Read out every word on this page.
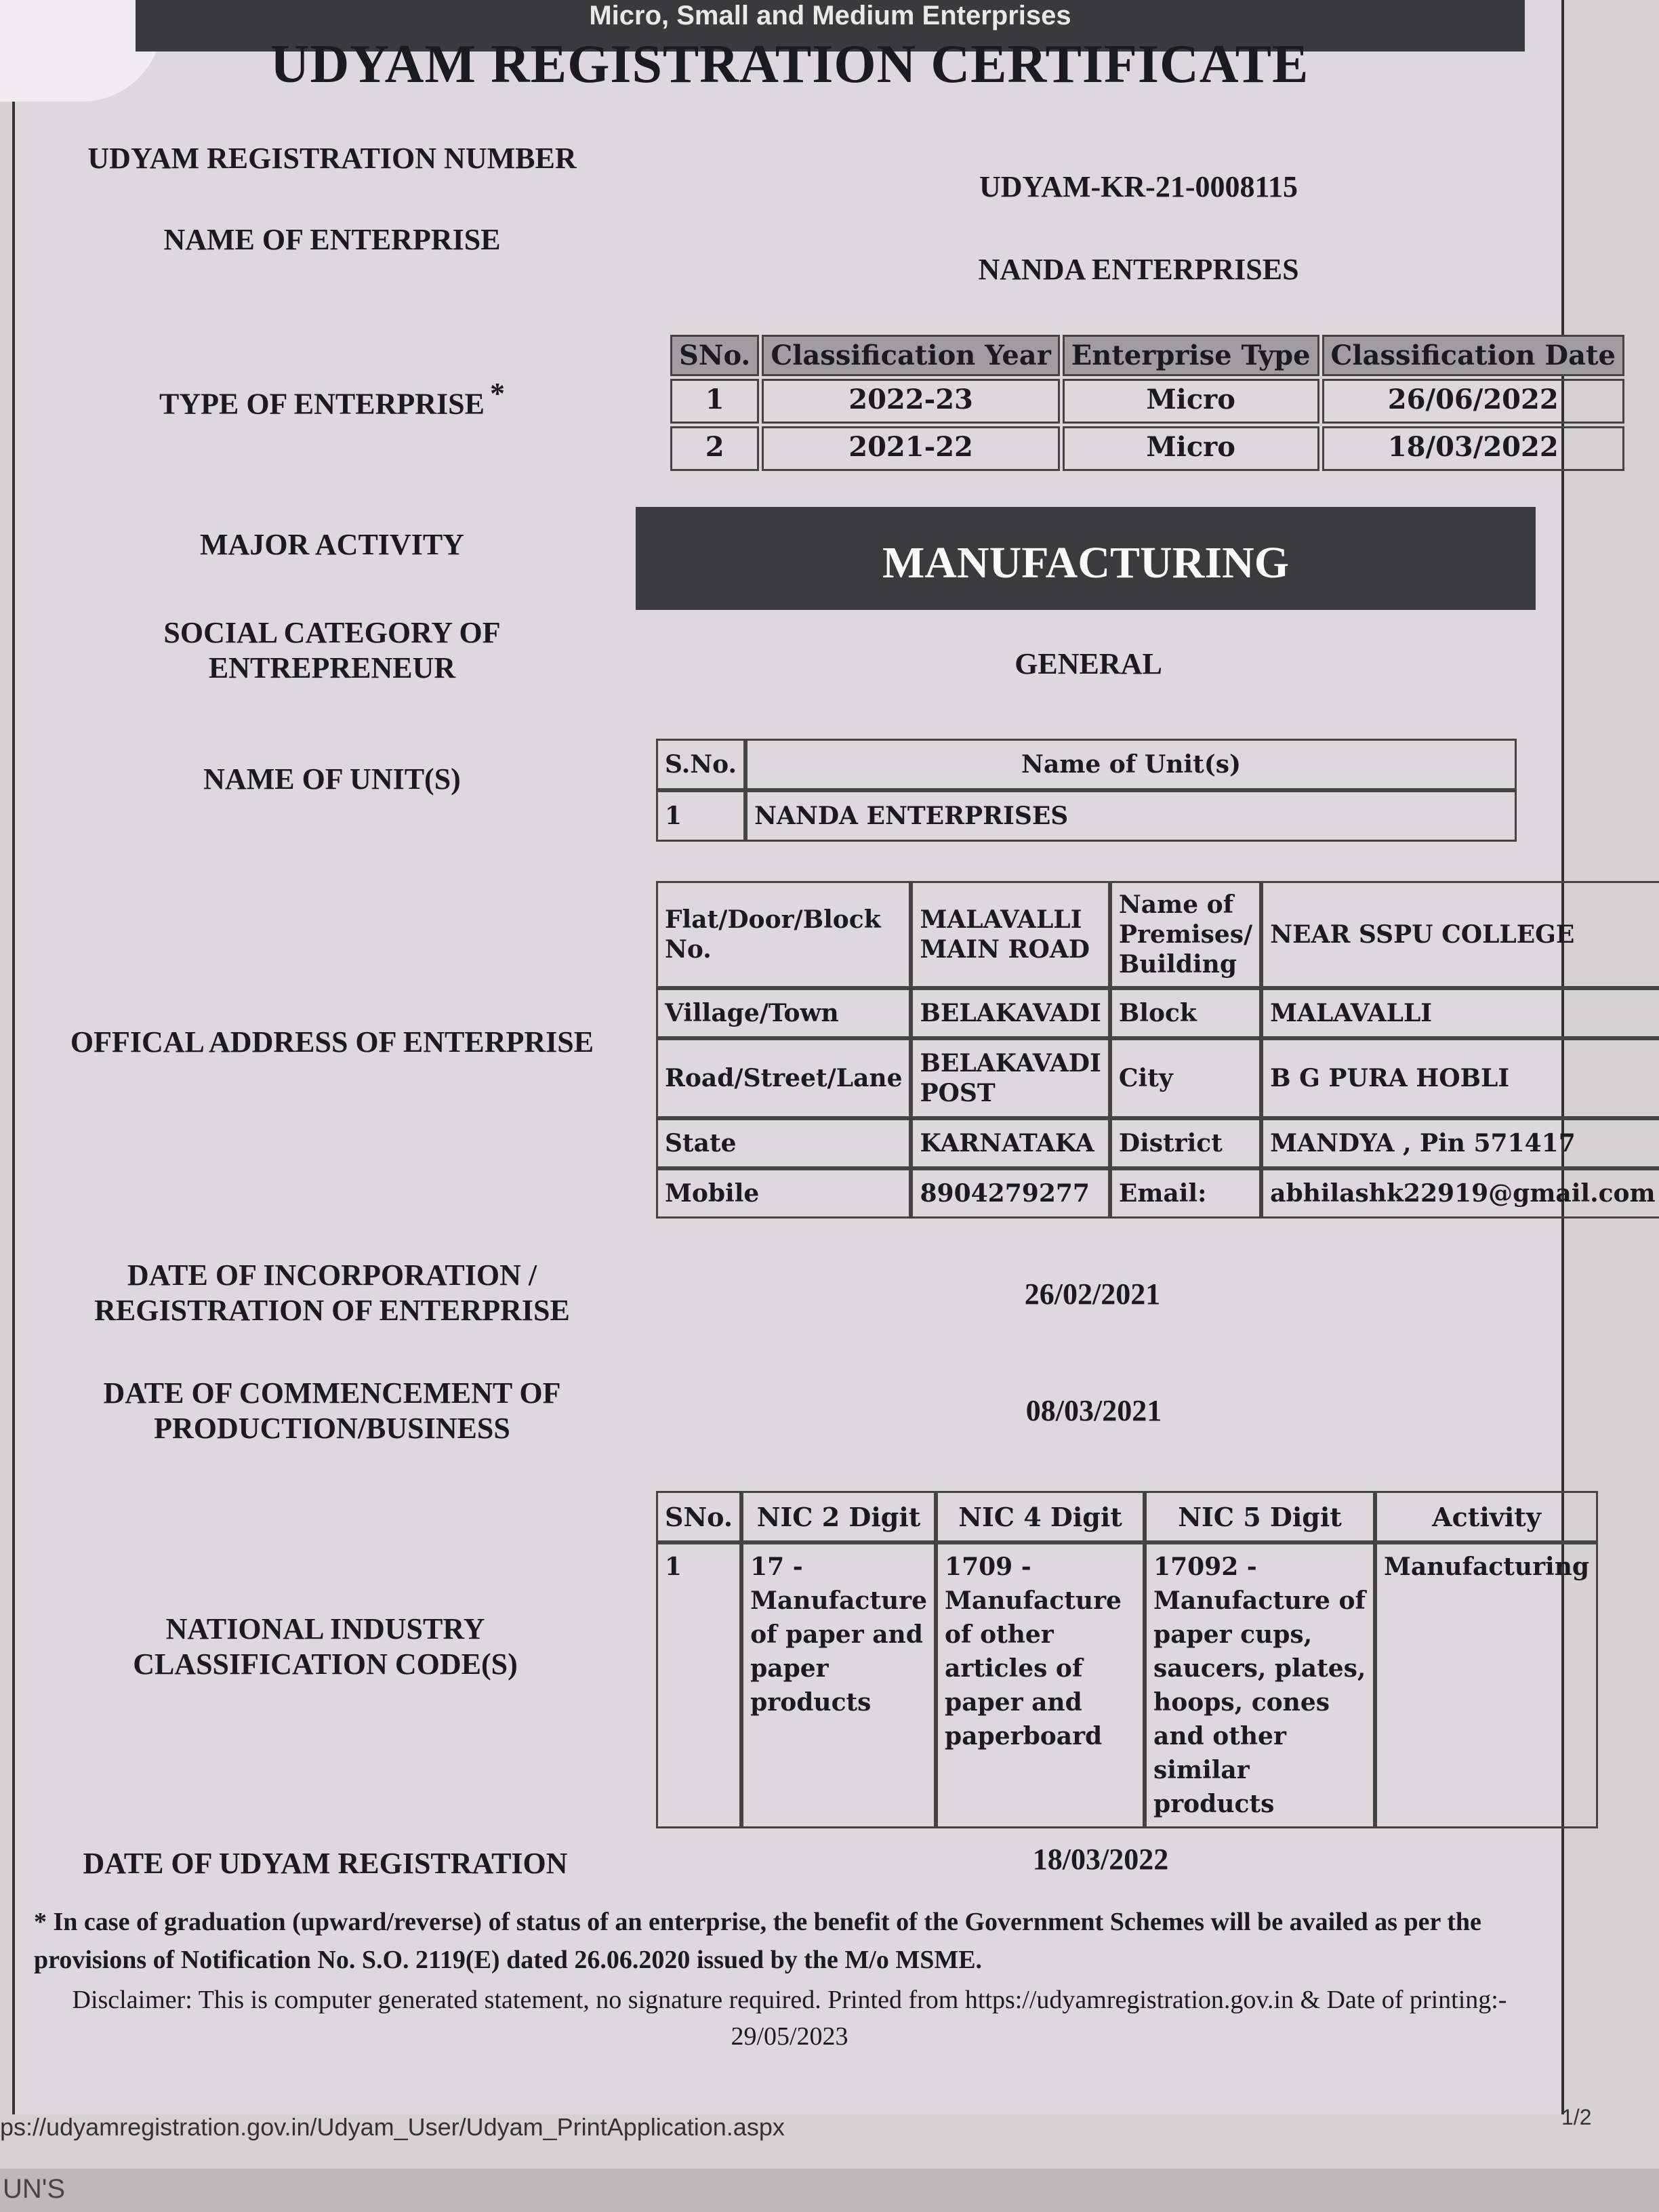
Micro, Small and Medium Enterprises
UDYAM REGISTRATION CERTIFICATE
UDYAM REGISTRATION NUMBER
UDYAM-KR-21-0008115
NAME OF ENTERPRISE
NANDA ENTERPRISES
TYPE OF ENTERPRISE *
SNo.	Classification Year	Enterprise Type	Classification Date
1	2022-23	Micro	26/06/2022
2	2021-22	Micro	18/03/2022
MAJOR ACTIVITY	MANUFACTURING
SOCIAL CATEGORY OF
ENTREPRENEUR	GENERAL
NAME OF UNIT(S)	S.No.	Name of Unit(s)
1	NANDA ENTERPRISES
OFFICAL ADDRESS OF ENTERPRISE
Flat/Door/Block No.	MALAVALLI MAIN ROAD	Name of Premises/ Building	NEAR SSPU COLLEGE
Village/Town	BELAKAVADI	Block	MALAVALLI
Road/Street/Lane	BELAKAVADI POST	City	B G PURA HOBLI
State	KARNATAKA	District	MANDYA , Pin 571417
Mobile	8904279277	Email:	abhilashk22919@gmail.com
DATE OF INCORPORATION /
REGISTRATION OF ENTERPRISE	26/02/2021
DATE OF COMMENCEMENT OF
PRODUCTION/BUSINESS
08/03/2021
NATIONAL INDUSTRY
CLASSIFICATION CODE(S)
SNo.	NIC 2 Digit	NIC 4 Digit	NIC 5 Digit	Activity
1	17 - Manufacture of paper and paper products	1709 - Manufacture of other articles of paper and paperboard	17092 - Manufacture of paper cups, saucers, plates, hoops, cones and other similar products	Manufacturing
DATE OF UDYAM REGISTRATION	18/03/2022
* In case of graduation (upward/reverse) of status of an enterprise, the benefit of the Government Schemes will be availed as per the provisions of Notification No. S.O. 2119(E) dated 26.06.2020 issued by the M/o MSME.
Disclaimer: This is computer generated statement, no signature required. Printed from https://udyamregistration.gov.in & Date of printing:-
29/05/2023
ps://udyamregistration.gov.in/Udyam_User/Udyam_PrintApplication.aspx	1/2
UN'S
